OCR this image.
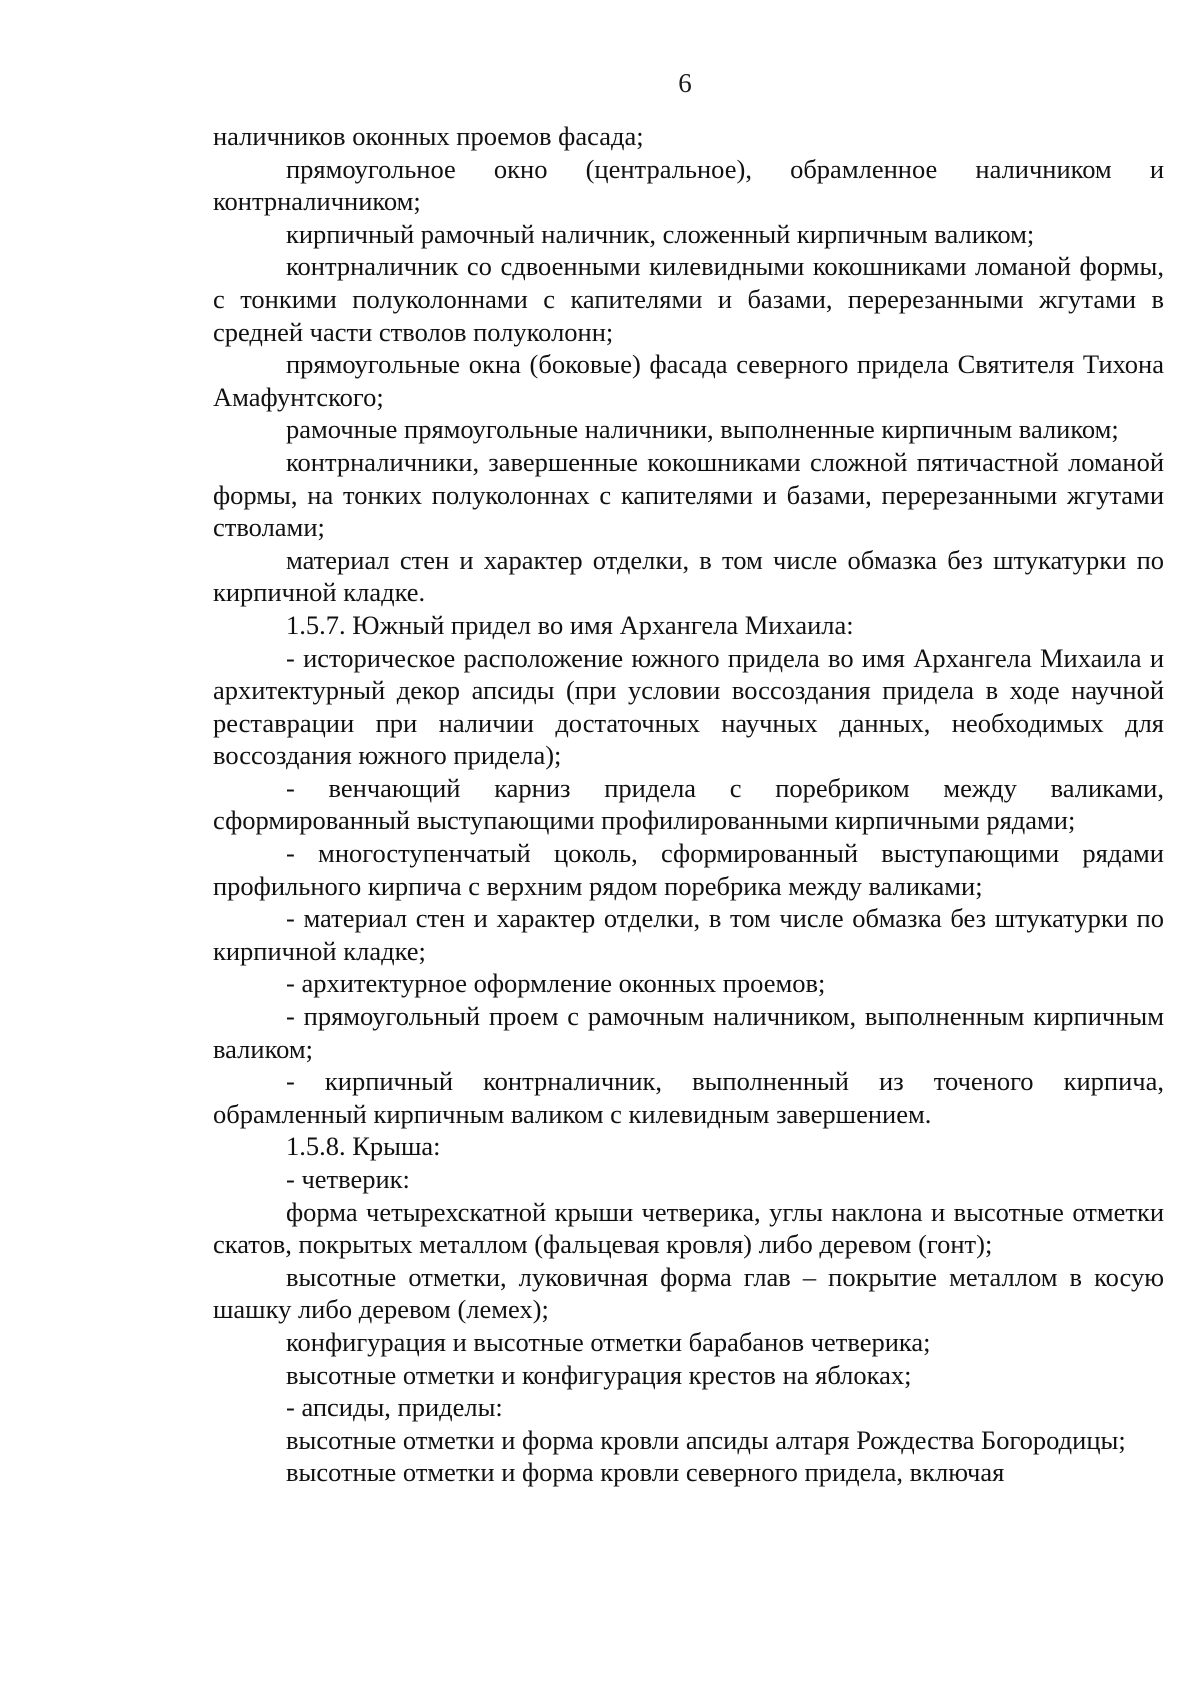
6

наличников оконных проемов фасада;

прямоугольное окно (центральное), обрамленное наличником и контрналичником;

кирпичный рамочный наличник, сложенный кирпичным валиком;

контрналичник со сдвоенными килевидными кокошниками ломаной формы, с тонкими полуколоннами с капителями и базами, перерезанными жгутами в средней части стволов полуколонн;

прямоугольные окна (боковые) фасада северного придела Святителя Тихона Амафунтского;

рамочные прямоугольные наличники, выполненные кирпичным валиком;

контрналичники, завершенные кокошниками сложной пятичастной ломаной формы, на тонких полуколоннах с капителями и базами, перерезанными жгутами стволами;

материал стен и характер отделки, в том числе обмазка без штукатурки по кирпичной кладке.

1.5.7. Южный придел во имя Архангела Михаила:

- историческое расположение южного придела во имя Архангела Михаила и архитектурный декор апсиды (при условии воссоздания придела в ходе научной реставрации при наличии достаточных научных данных, необходимых для воссоздания южного придела);

- венчающий карниз придела с поребриком между валиками, сформированный выступающими профилированными кирпичными рядами;

- многоступенчатый цоколь, сформированный выступающими рядами профильного кирпича с верхним рядом поребрика между валиками;

- материал стен и характер отделки, в том числе обмазка без штукатурки по кирпичной кладке;

- архитектурное оформление оконных проемов;

- прямоугольный проем с рамочным наличником, выполненным кирпичным валиком;

- кирпичный контрналичник, выполненный из точеного кирпича, обрамленный кирпичным валиком с килевидным завершением.

1.5.8. Крыша:

- четверик:

форма четырехскатной крыши четверика, углы наклона и высотные отметки скатов, покрытых металлом (фальцевая кровля) либо деревом (гонт);

высотные отметки, луковичная форма глав – покрытие металлом в косую шашку либо деревом (лемех);

конфигурация и высотные отметки барабанов четверика;

высотные отметки и конфигурация крестов на яблоках;

- апсиды, приделы:

высотные отметки и форма кровли апсиды алтаря Рождества Богородицы;

высотные отметки и форма кровли северного придела, включая
